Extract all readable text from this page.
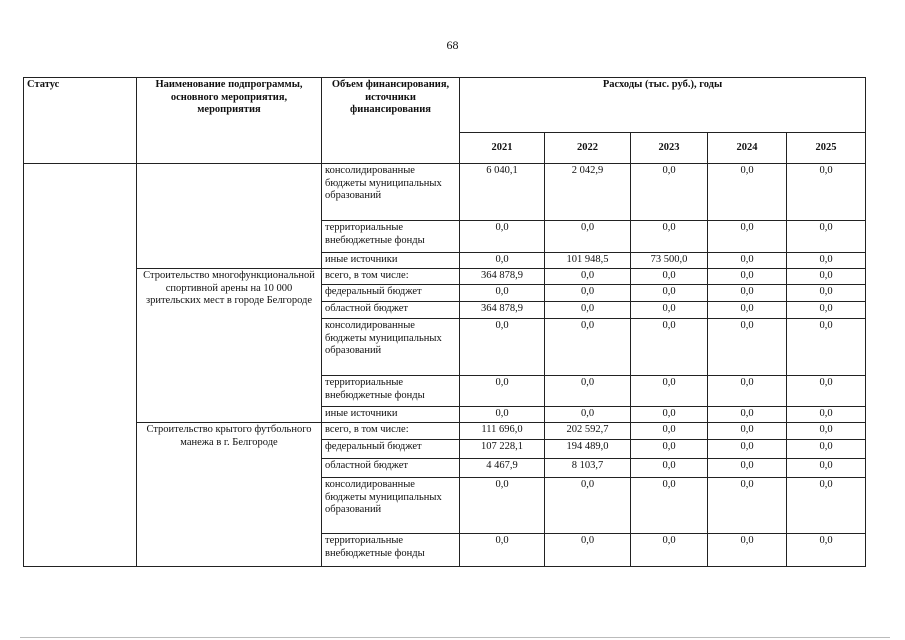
68
Статус	Наименование подпрограммы, основного мероприятия, мероприятия	Объем финансирования, источники финансирования	Расходы (тыс. руб.), годы				
			2021	2022	2023	2024	2025
		консолидированные бюджеты муниципальных образований	6 040,1	2 042,9	0,0	0,0	0,0
		территориальные внебюджетные фонды	0,0	0,0	0,0	0,0	0,0
		иные источники	0,0	101 948,5	73 500,0	0,0	0,0
	Строительство многофункциональной спортивной арены на 10 000 зрительских мест в городе Белгороде	всего, в том числе:	364 878,9	0,0	0,0	0,0	0,0
		федеральный бюджет	0,0	0,0	0,0	0,0	0,0
		областной бюджет	364 878,9	0,0	0,0	0,0	0,0
		консолидированные бюджеты муниципальных образований	0,0	0,0	0,0	0,0	0,0
		территориальные внебюджетные фонды	0,0	0,0	0,0	0,0	0,0
		иные источники	0,0	0,0	0,0	0,0	0,0
	Строительство крытого футбольного манежа в г. Белгороде	всего, в том числе:	111 696,0	202 592,7	0,0	0,0	0,0
		федеральный бюджет	107 228,1	194 489,0	0,0	0,0	0,0
		областной бюджет	4 467,9	8 103,7	0,0	0,0	0,0
		консолидированные бюджеты муниципальных образований	0,0	0,0	0,0	0,0	0,0
		территориальные внебюджетные фонды	0,0	0,0	0,0	0,0	0,0
